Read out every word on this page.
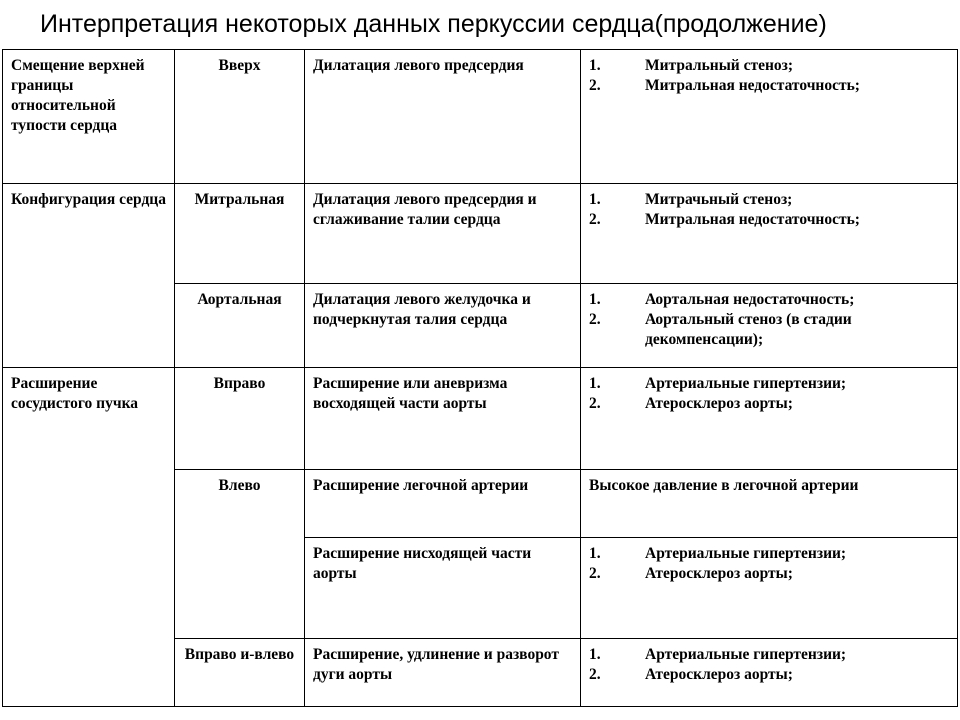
Интерпретация некоторых данных перкуссии сердца(продолжение)
Смещение верхней границы относительной тупости сердца	Вверх	Дилатация левого предсердия	1. Митральный стеноз;
2. Митральная недостаточность;

Конфигурация сердца	Митральная	Дилатация левого предсердия и сглаживание талии сердца	1. Митрачьный стеноз;
2. Митральная недостаточность;

	Аортальная	Дилатация левого желудочка и подчеркнутая талия сердца	1. Аортальная недостаточность;
2. Аортальный стеноз (в стадии декомпенсации);

Расширение сосудистого пучка	Вправо	Расширение или аневризма восходящей части аорты	1. Артериальные гипертензии;
2. Атеросклероз аорты;

	Влево	Расширение легочной артерии	Высокое давление в легочной артерии
		Расширение нисходящей части аорты	1. Артериальные гипертензии;
2. Атеросклероз аорты;

	Вправо и-влево	Расширение, удлинение и разворот дуги аорты	1. Артериальные гипертензии;
2. Атеросклероз аорты;
